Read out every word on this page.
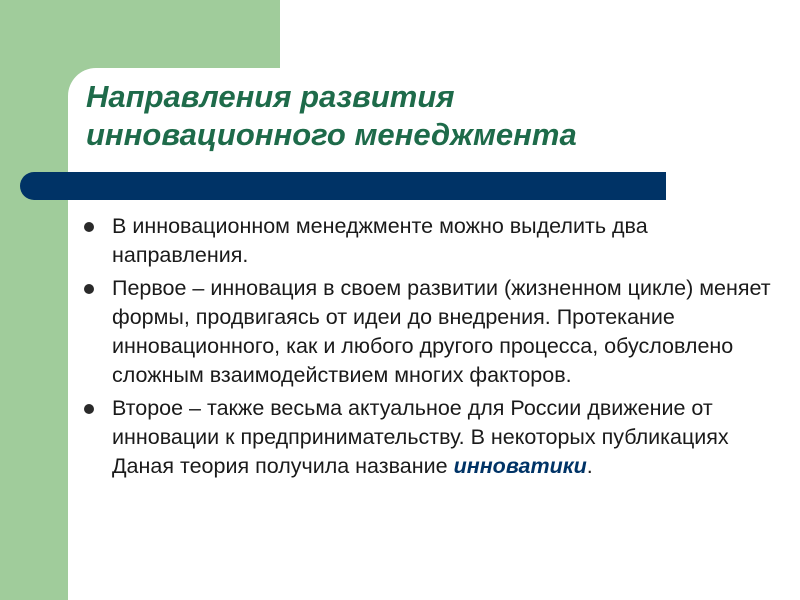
Направления развития
инновационного менеджмента
В инновационном менеджменте можно выделить два направления.
Первое – инновация в своем развитии (жизненном цикле) меняет формы, продвигаясь от идеи до внедрения. Протекание инновационного, как и любого другого процесса, обусловлено сложным взаимодействием многих факторов.
Второе – также весьма актуальное для России движение от инновации к предпринимательству. В некоторых публикациях Даная теория получила название инноватики.
